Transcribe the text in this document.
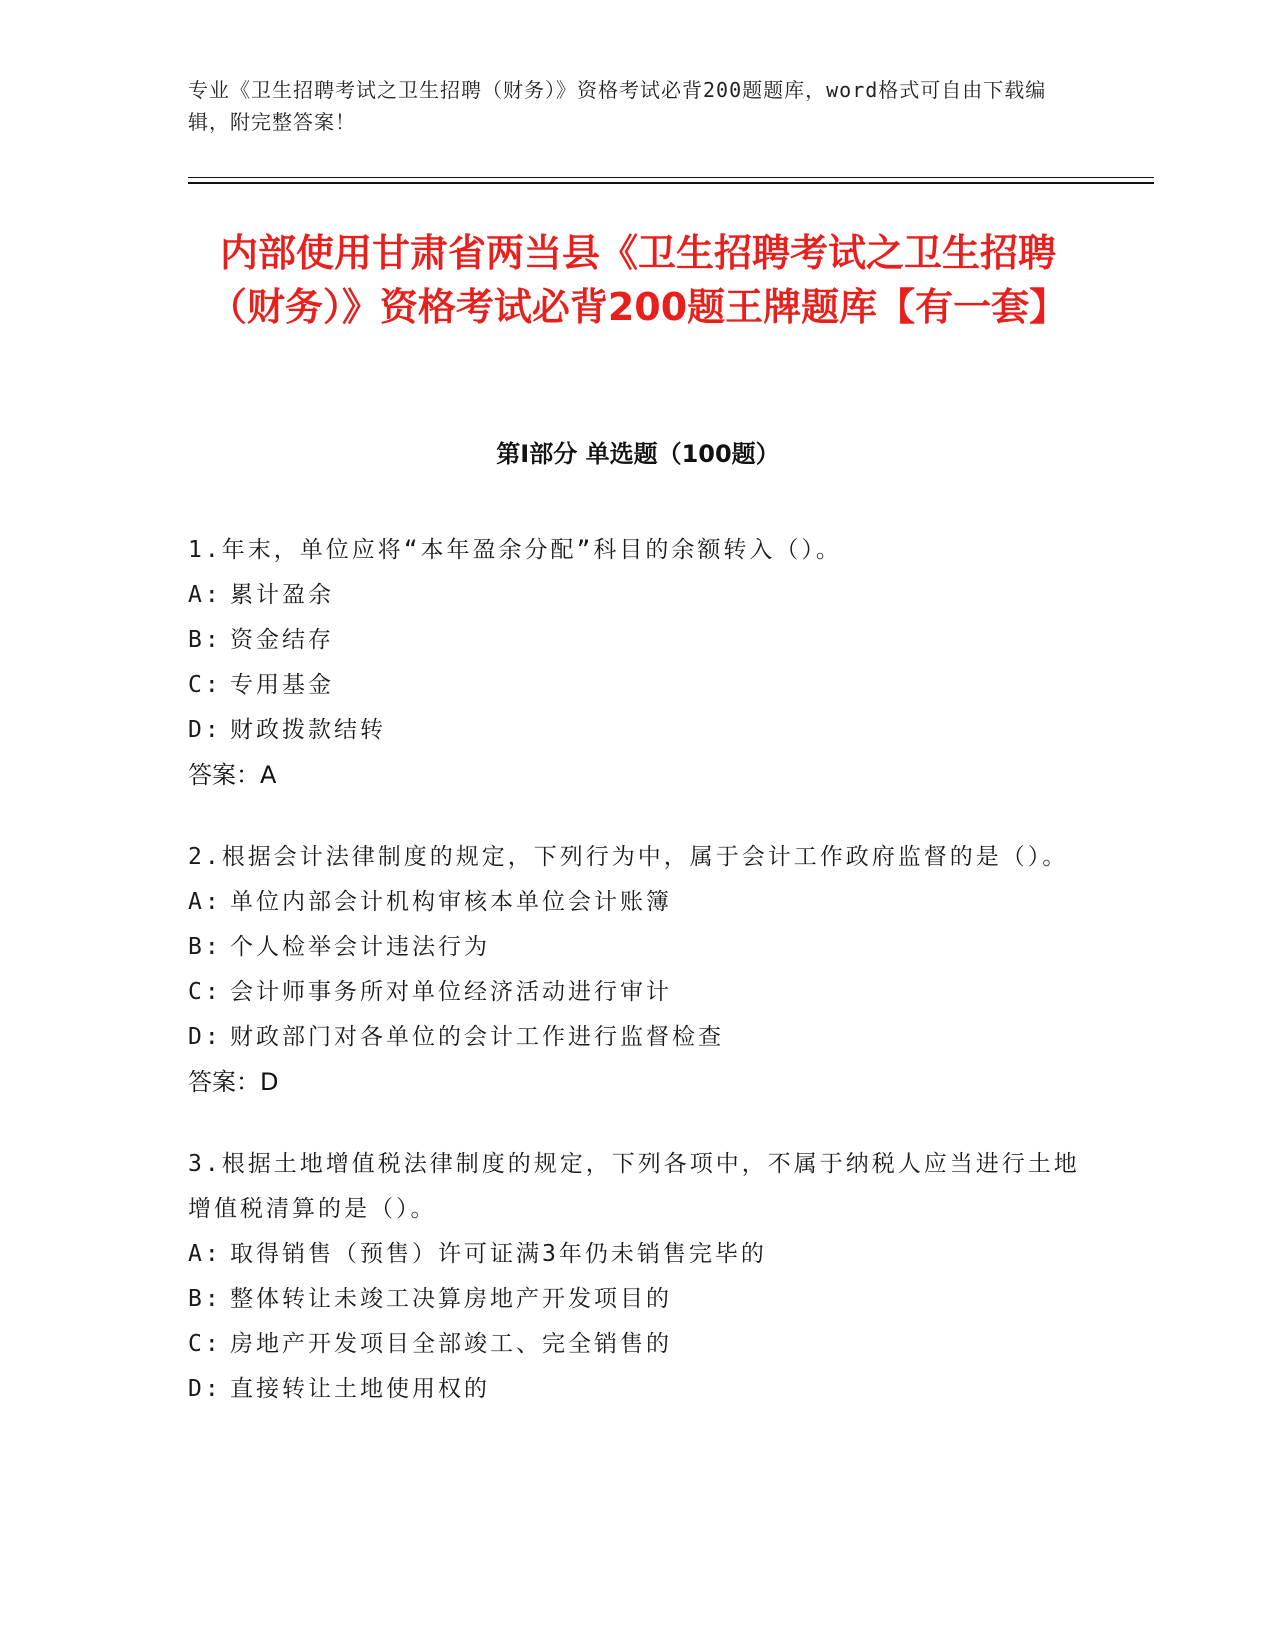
专业《卫生招聘考试之卫生招聘（财务）》资格考试必背200题题库，word格式可自由下载编辑，附完整答案！
内部使用甘肃省两当县《卫生招聘考试之卫生招聘（财务）》资格考试必背200题王牌题库【有一套】
第Ⅰ部分 单选题（100题）
1.年末，单位应将“本年盈余分配”科目的余额转入（）。
A: 累计盈余
B: 资金结存
C: 专用基金
D: 财政拨款结转
答案：A
2.根据会计法律制度的规定，下列行为中，属于会计工作政府监督的是（）。
A: 单位内部会计机构审核本单位会计账簿
B: 个人检举会计违法行为
C: 会计师事务所对单位经济活动进行审计
D: 财政部门对各单位的会计工作进行监督检查
答案：D
3.根据土地增值税法律制度的规定，下列各项中，不属于纳税人应当进行土地增值税清算的是（）。
A: 取得销售（预售）许可证满3年仍未销售完毕的
B: 整体转让未竣工决算房地产开发项目的
C: 房地产开发项目全部竣工、完全销售的
D: 直接转让土地使用权的
